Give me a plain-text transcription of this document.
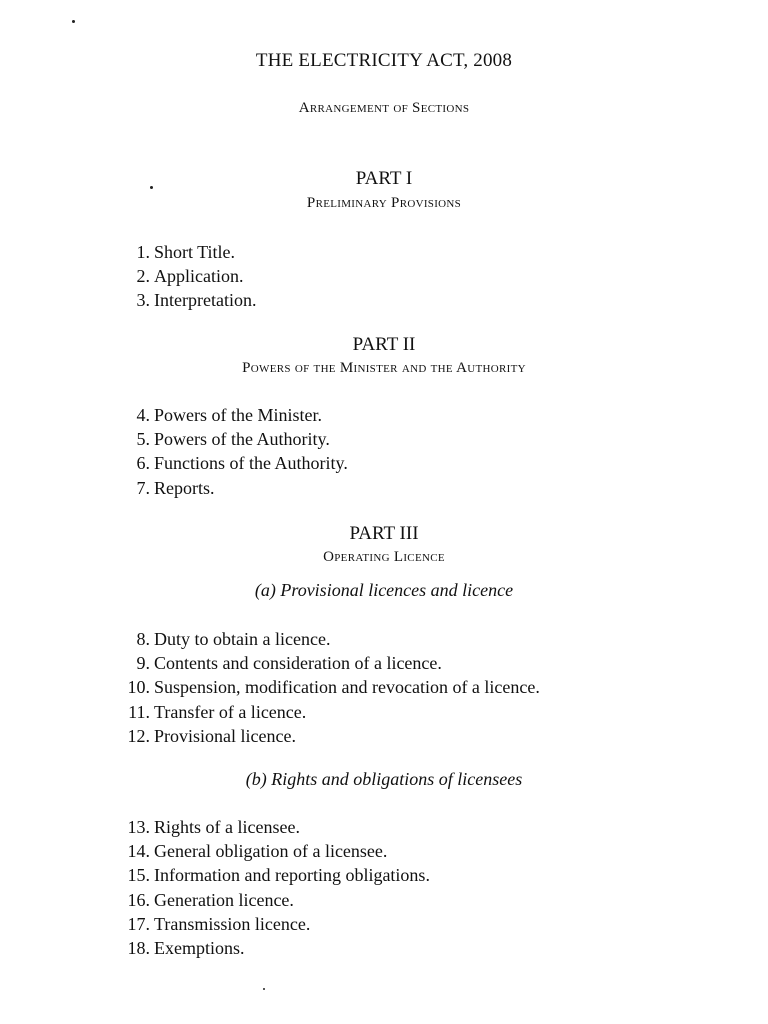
THE ELECTRICITY ACT, 2008
Arrangement of Sections
PART I
Preliminary Provisions
1. Short Title.
2. Application.
3. Interpretation.
PART II
Powers of the Minister and the Authority
4. Powers of the Minister.
5. Powers of the Authority.
6. Functions of the Authority.
7. Reports.
PART III
Operating Licence
(a) Provisional licences and licence
8. Duty to obtain a licence.
9. Contents and consideration of a licence.
10. Suspension, modification and revocation of a licence.
11. Transfer of a licence.
12. Provisional licence.
(b) Rights and obligations of licensees
13. Rights of a licensee.
14. General obligation of a licensee.
15. Information and reporting obligations.
16. Generation licence.
17. Transmission licence.
18. Exemptions.
